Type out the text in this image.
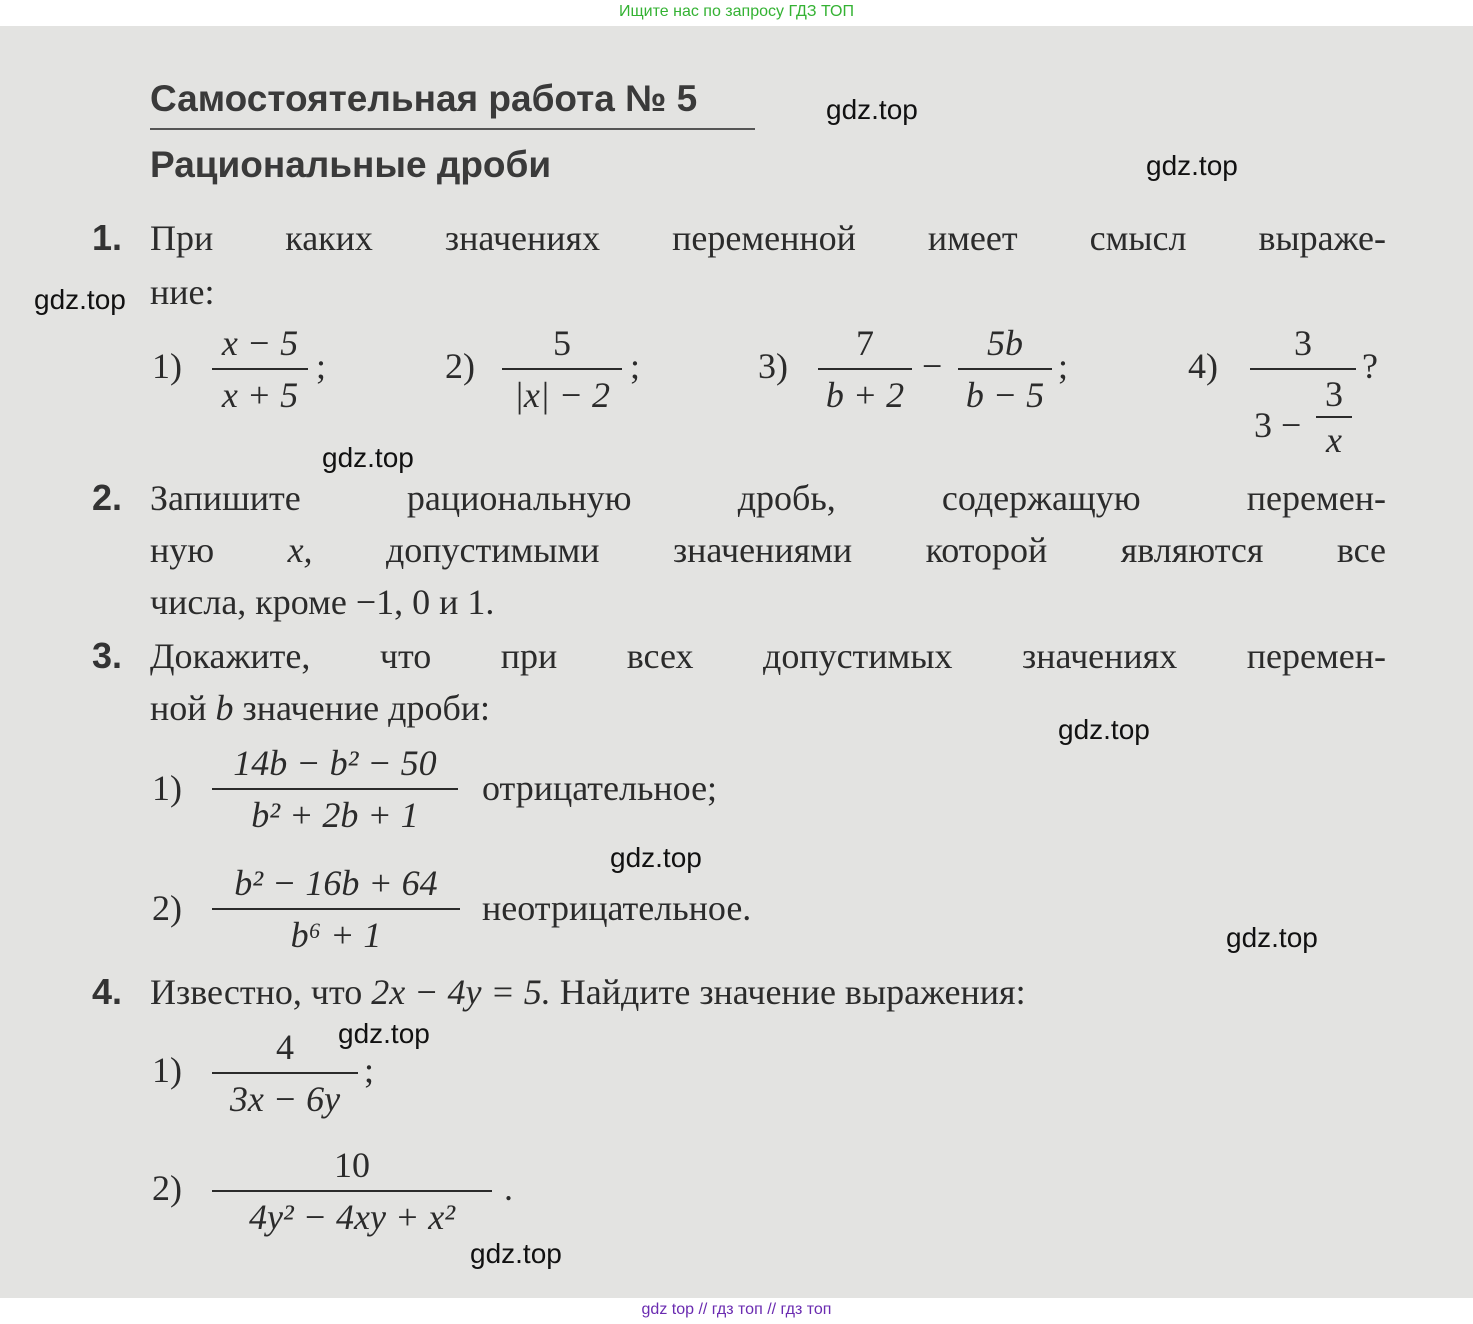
Ищите нас по запросу ГДЗ ТОП
Самостоятельная работа № 5
Рациональные дроби
1. При каких значениях переменной имеет смысл выраже-
ние:
1)
x − 5
x + 5
;	2)
5
|x| − 2
;	3)
7
b + 2
−
5b
b − 5
;	4)
3
3 −
3
x
?
2. Запишите рациональную дробь, содержащую перемен-
ную x, допустимыми значениями которой являются все
числа, кроме −1, 0 и 1.
3. Докажите, что при всех допустимых значениях перемен-
ной b значение дроби:
1)
14b − b² − 50
b² + 2b + 1
отрицательное;
2)
b² − 16b + 64
b⁶ + 1
неотрицательное.
4. Известно, что 2x − 4y = 5. Найдите значение выражения:
1)
4
3x − 6y
;
2)
10
4y² − 4xy + x²
.
gdz.top
gdz.top
gdz.top
gdz.top
gdz.top
gdz.top
gdz.top
gdz.top
gdz.top
gdz top // гдз топ // гдз топ
